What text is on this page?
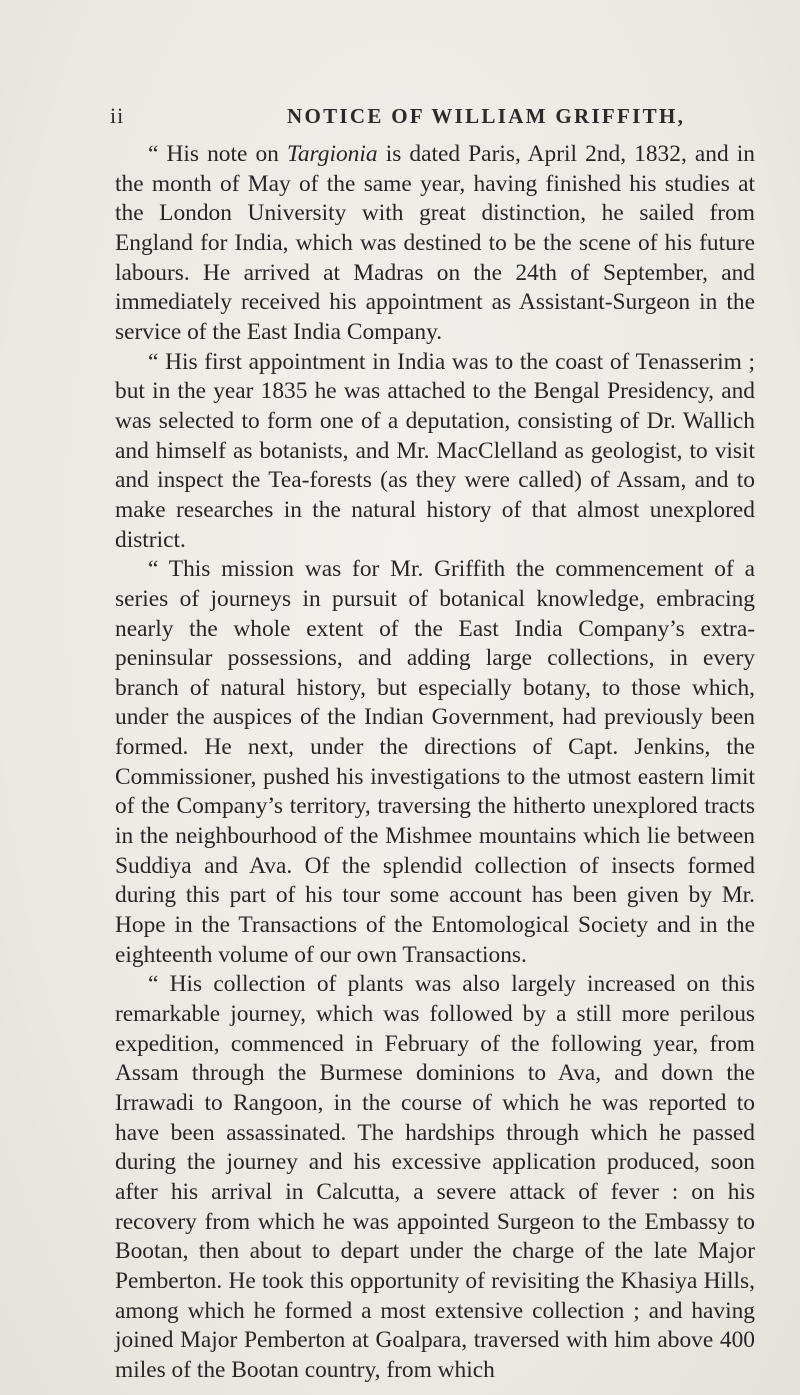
ii	NOTICE OF WILLIAM GRIFFITH,

“ His note on Targionia is dated Paris, April 2nd, 1832, and in the month of May of the same year, having finished his studies at the London University with great distinction, he sailed from England for India, which was destined to be the scene of his future labours. He arrived at Madras on the 24th of September, and immediately received his appointment as Assistant-Surgeon in the service of the East India Company.

“ His first appointment in India was to the coast of Tenasserim ; but in the year 1835 he was attached to the Bengal Presidency, and was selected to form one of a deputation, consisting of Dr. Wallich and himself as botanists, and Mr. MacClelland as geologist, to visit and inspect the Tea-forests (as they were called) of Assam, and to make researches in the natural history of that almost unexplored district.

“ This mission was for Mr. Griffith the commencement of a series of journeys in pursuit of botanical knowledge, embracing nearly the whole extent of the East India Company’s extra-peninsular possessions, and adding large collections, in every branch of natural history, but especially botany, to those which, under the auspices of the Indian Government, had previously been formed. He next, under the directions of Capt. Jenkins, the Commissioner, pushed his investigations to the utmost eastern limit of the Company’s territory, traversing the hitherto unexplored tracts in the neighbourhood of the Mishmee mountains which lie between Suddiya and Ava. Of the splendid collection of insects formed during this part of his tour some account has been given by Mr. Hope in the Transactions of the Entomological Society and in the eighteenth volume of our own Transactions.

“ His collection of plants was also largely increased on this remarkable journey, which was followed by a still more perilous expedition, commenced in February of the following year, from Assam through the Burmese dominions to Ava, and down the Irrawadi to Rangoon, in the course of which he was reported to have been assassinated. The hardships through which he passed during the journey and his excessive application produced, soon after his arrival in Calcutta, a severe attack of fever : on his recovery from which he was appointed Surgeon to the Embassy to Bootan, then about to depart under the charge of the late Major Pemberton. He took this opportunity of revisiting the Khasiya Hills, among which he formed a most extensive collection ; and having joined Major Pemberton at Goalpara, traversed with him above 400 miles of the Bootan country, from which
